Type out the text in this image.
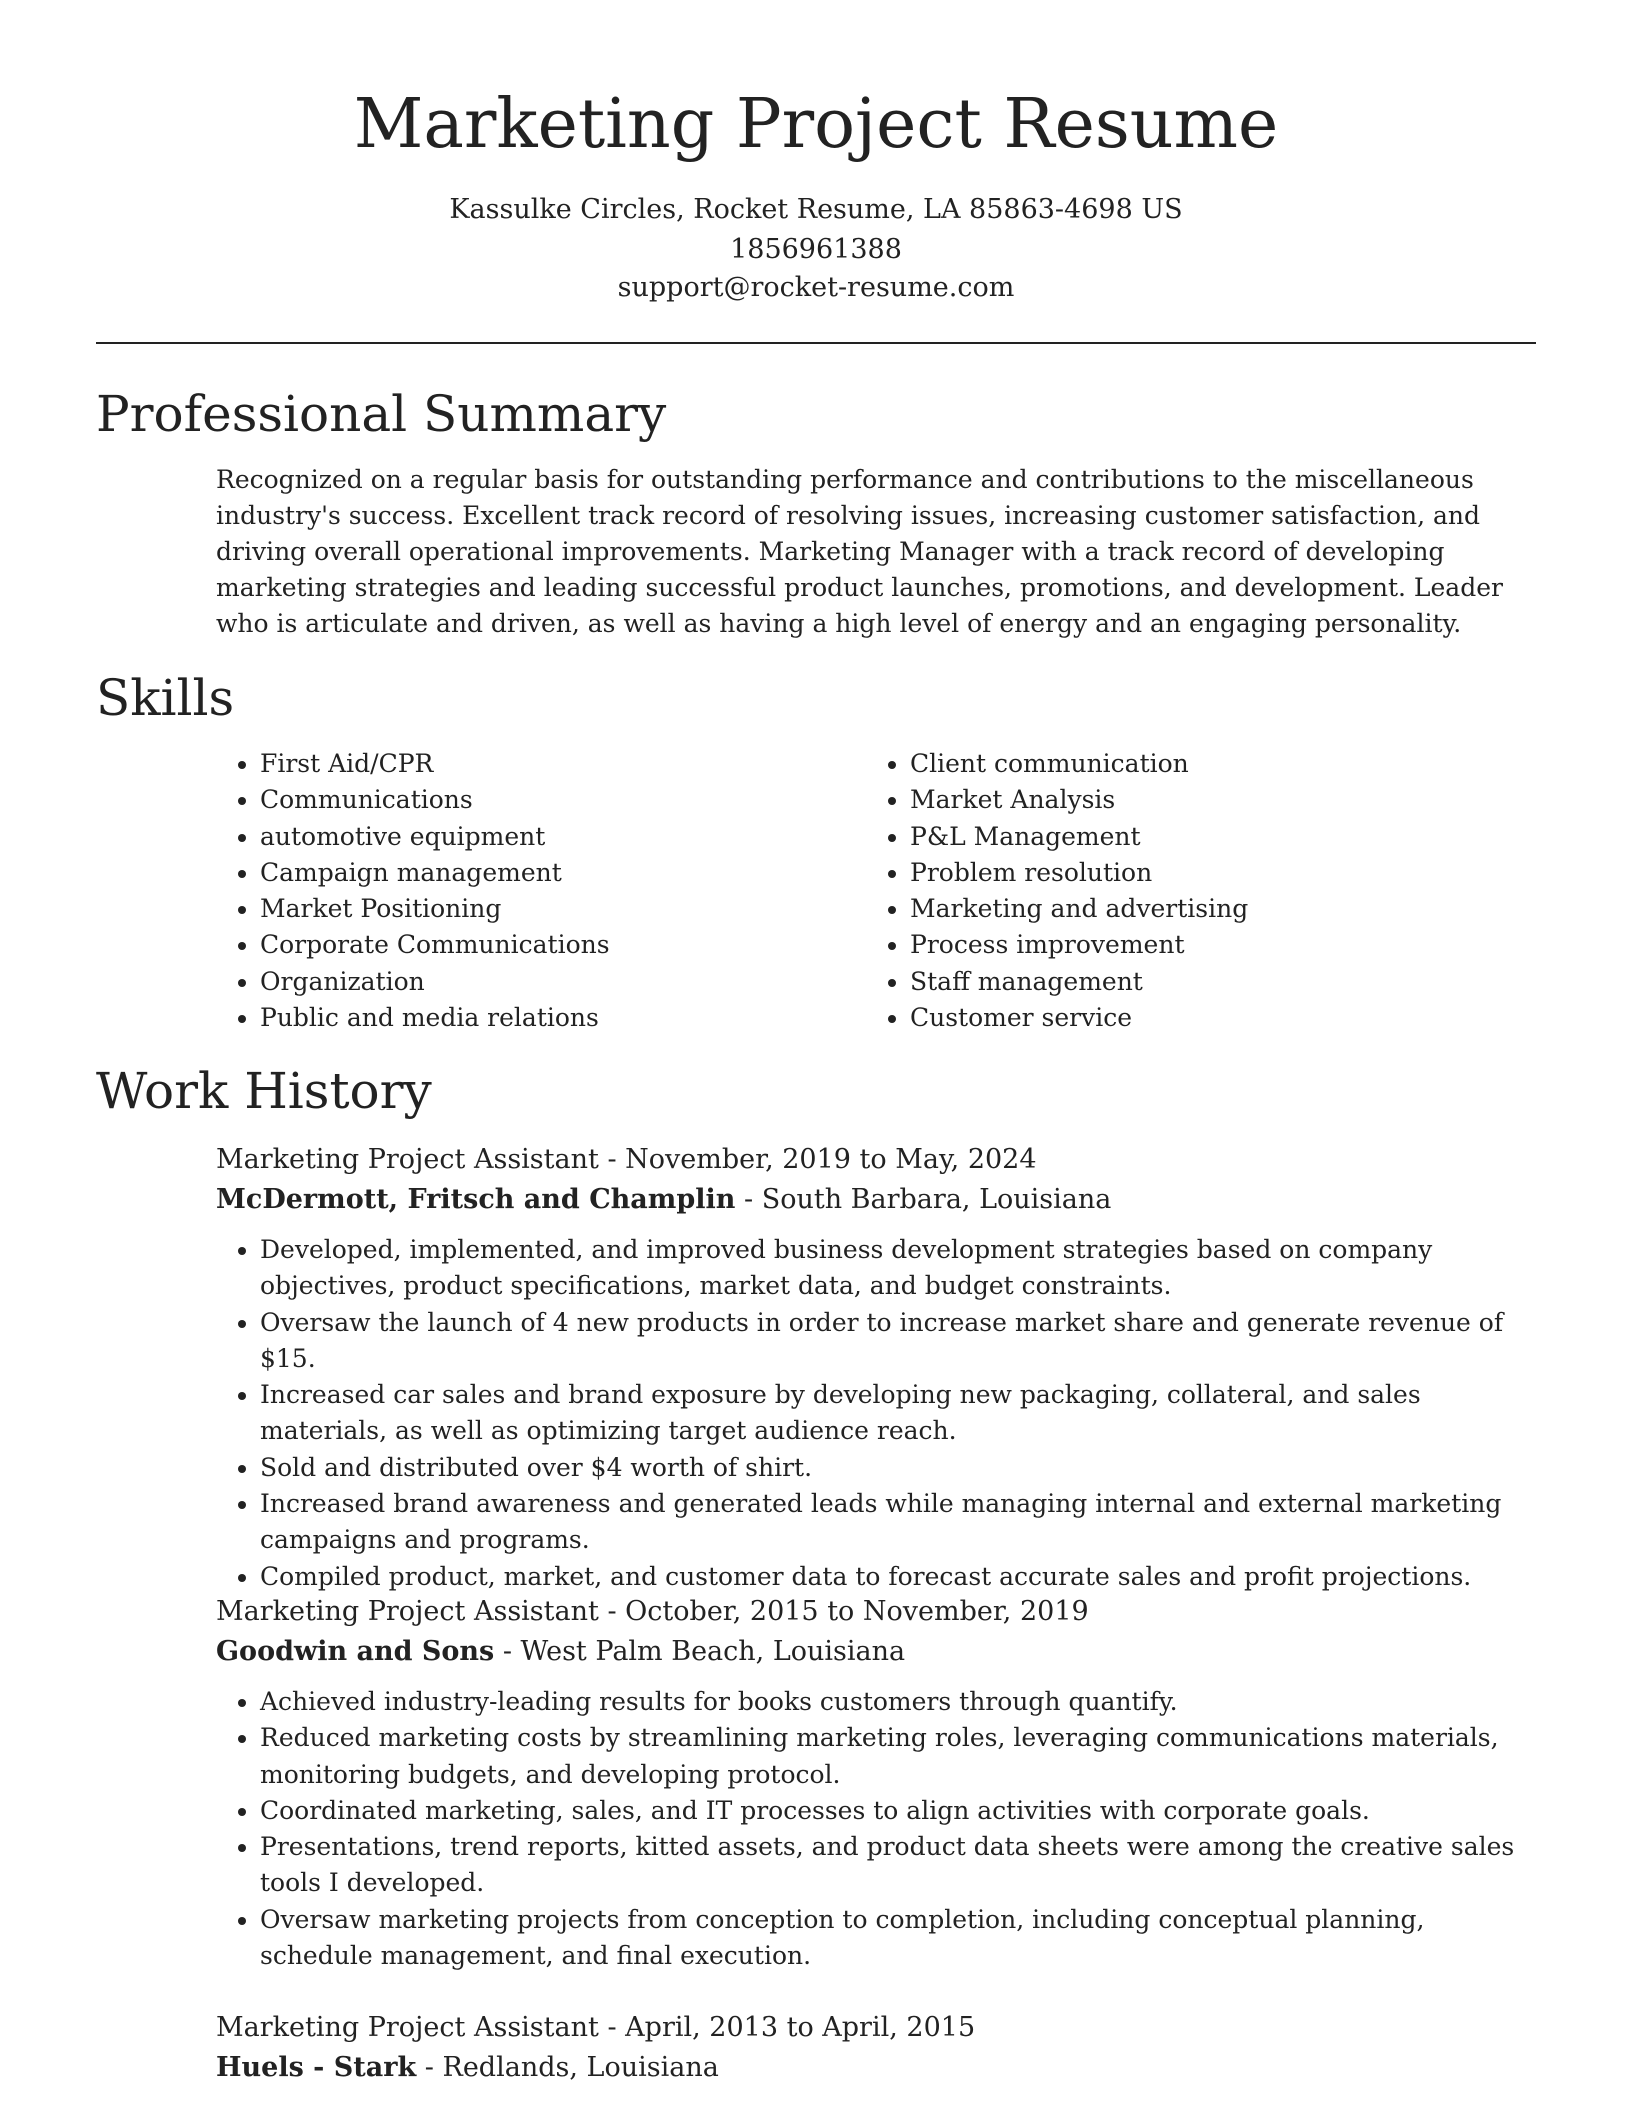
Marketing Project Resume
Kassulke Circles, Rocket Resume, LA 85863-4698 US
1856961388
support@rocket-resume.com
Professional Summary

Recognized on a regular basis for outstanding performance and contributions to the miscellaneous industry's success. Excellent track record of resolving issues, increasing customer satisfaction, and driving overall operational improvements. Marketing Manager with a track record of developing marketing strategies and leading successful product launches, promotions, and development. Leader who is articulate and driven, as well as having a high level of energy and an engaging personality.

Skills
• First Aid/CPR
• Communications
• automotive equipment
• Campaign management
• Market Positioning
• Corporate Communications
• Organization
• Public and media relations
• Client communication
• Market Analysis
• P&L Management
• Problem resolution
• Marketing and advertising
• Process improvement
• Staff management
• Customer service
Work History
Marketing Project Assistant - November, 2019 to May, 2024
McDermott, Fritsch and Champlin - South Barbara, Louisiana
• Developed, implemented, and improved business development strategies based on company objectives, product specifications, market data, and budget constraints.
• Oversaw the launch of 4 new products in order to increase market share and generate revenue of $15.
• Increased car sales and brand exposure by developing new packaging, collateral, and sales materials, as well as optimizing target audience reach.
• Sold and distributed over $4 worth of shirt.
• Increased brand awareness and generated leads while managing internal and external marketing campaigns and programs.
• Compiled product, market, and customer data to forecast accurate sales and profit projections.
Marketing Project Assistant - October, 2015 to November, 2019
Goodwin and Sons - West Palm Beach, Louisiana
• Achieved industry-leading results for books customers through quantify.
• Reduced marketing costs by streamlining marketing roles, leveraging communications materials, monitoring budgets, and developing protocol.
• Coordinated marketing, sales, and IT processes to align activities with corporate goals.
• Presentations, trend reports, kitted assets, and product data sheets were among the creative sales tools I developed.
• Oversaw marketing projects from conception to completion, including conceptual planning, schedule management, and final execution.
Marketing Project Assistant - April, 2013 to April, 2015
Huels - Stark - Redlands, Louisiana
